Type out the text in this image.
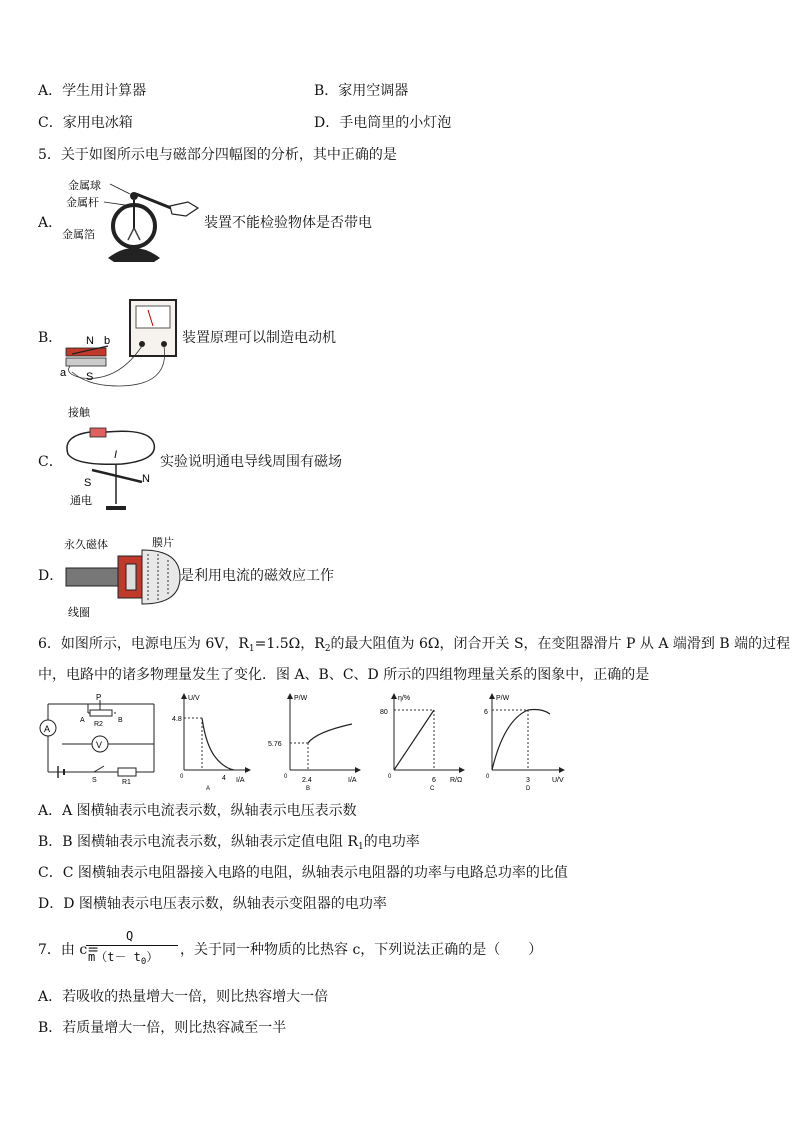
A．学生用计算器	B．家用空调器
C．家用电冰箱	D．手电筒里的小灯泡
5．关于如图所示电与磁部分四幅图的分析，其中正确的是
A．
金属球
金属杆
金属箔
装置不能检验物体是否带电
B． N b
a S
装置原理可以制造电动机
C．
接触
I
S	N
通电
实验说明通电导线周围有磁场
D．
永久磁体	膜片
线圈
是利用电流的磁效应工作
6．如图所示，电源电压为 6V，$R_1=1.5\Omega$，$R_2$的最大阻值为 6Ω，闭合开关 S，在变阻器滑片 P 从 A 端滑到 B 端的过程
中，电路中的诸多物理量发生了变化．图 A、B、C、D 所示的四组物理量关系的图象中，正确的是
P
A	B
R2
A
V
S	R1
U/V
I/A
4.8
4
A
P/W
I/A
5.76
2.4
B
η/%
R/Ω
80
6
C
P/W
U/V
6
3
D
0	0	0	0
A．A 图横轴表示电流表示数，纵轴表示电压表示数
B．B 图横轴表示电流表示数，纵轴表示定值电阻 $R_1$的电功率
C．C 图横轴表示电阻器接入电路的电阻，纵轴表示电阻器的功率与电路总功率的比值
D．D 图横轴表示电压表示数，纵轴表示变阻器的电功率
7．由 c=
Q
$m(t- t_0)$ ，关于同一种物质的比热容 c，下列说法正确的是（　　）
A．若吸收的热量增大一倍，则比热容增大一倍
B．若质量增大一倍，则比热容减至一半
